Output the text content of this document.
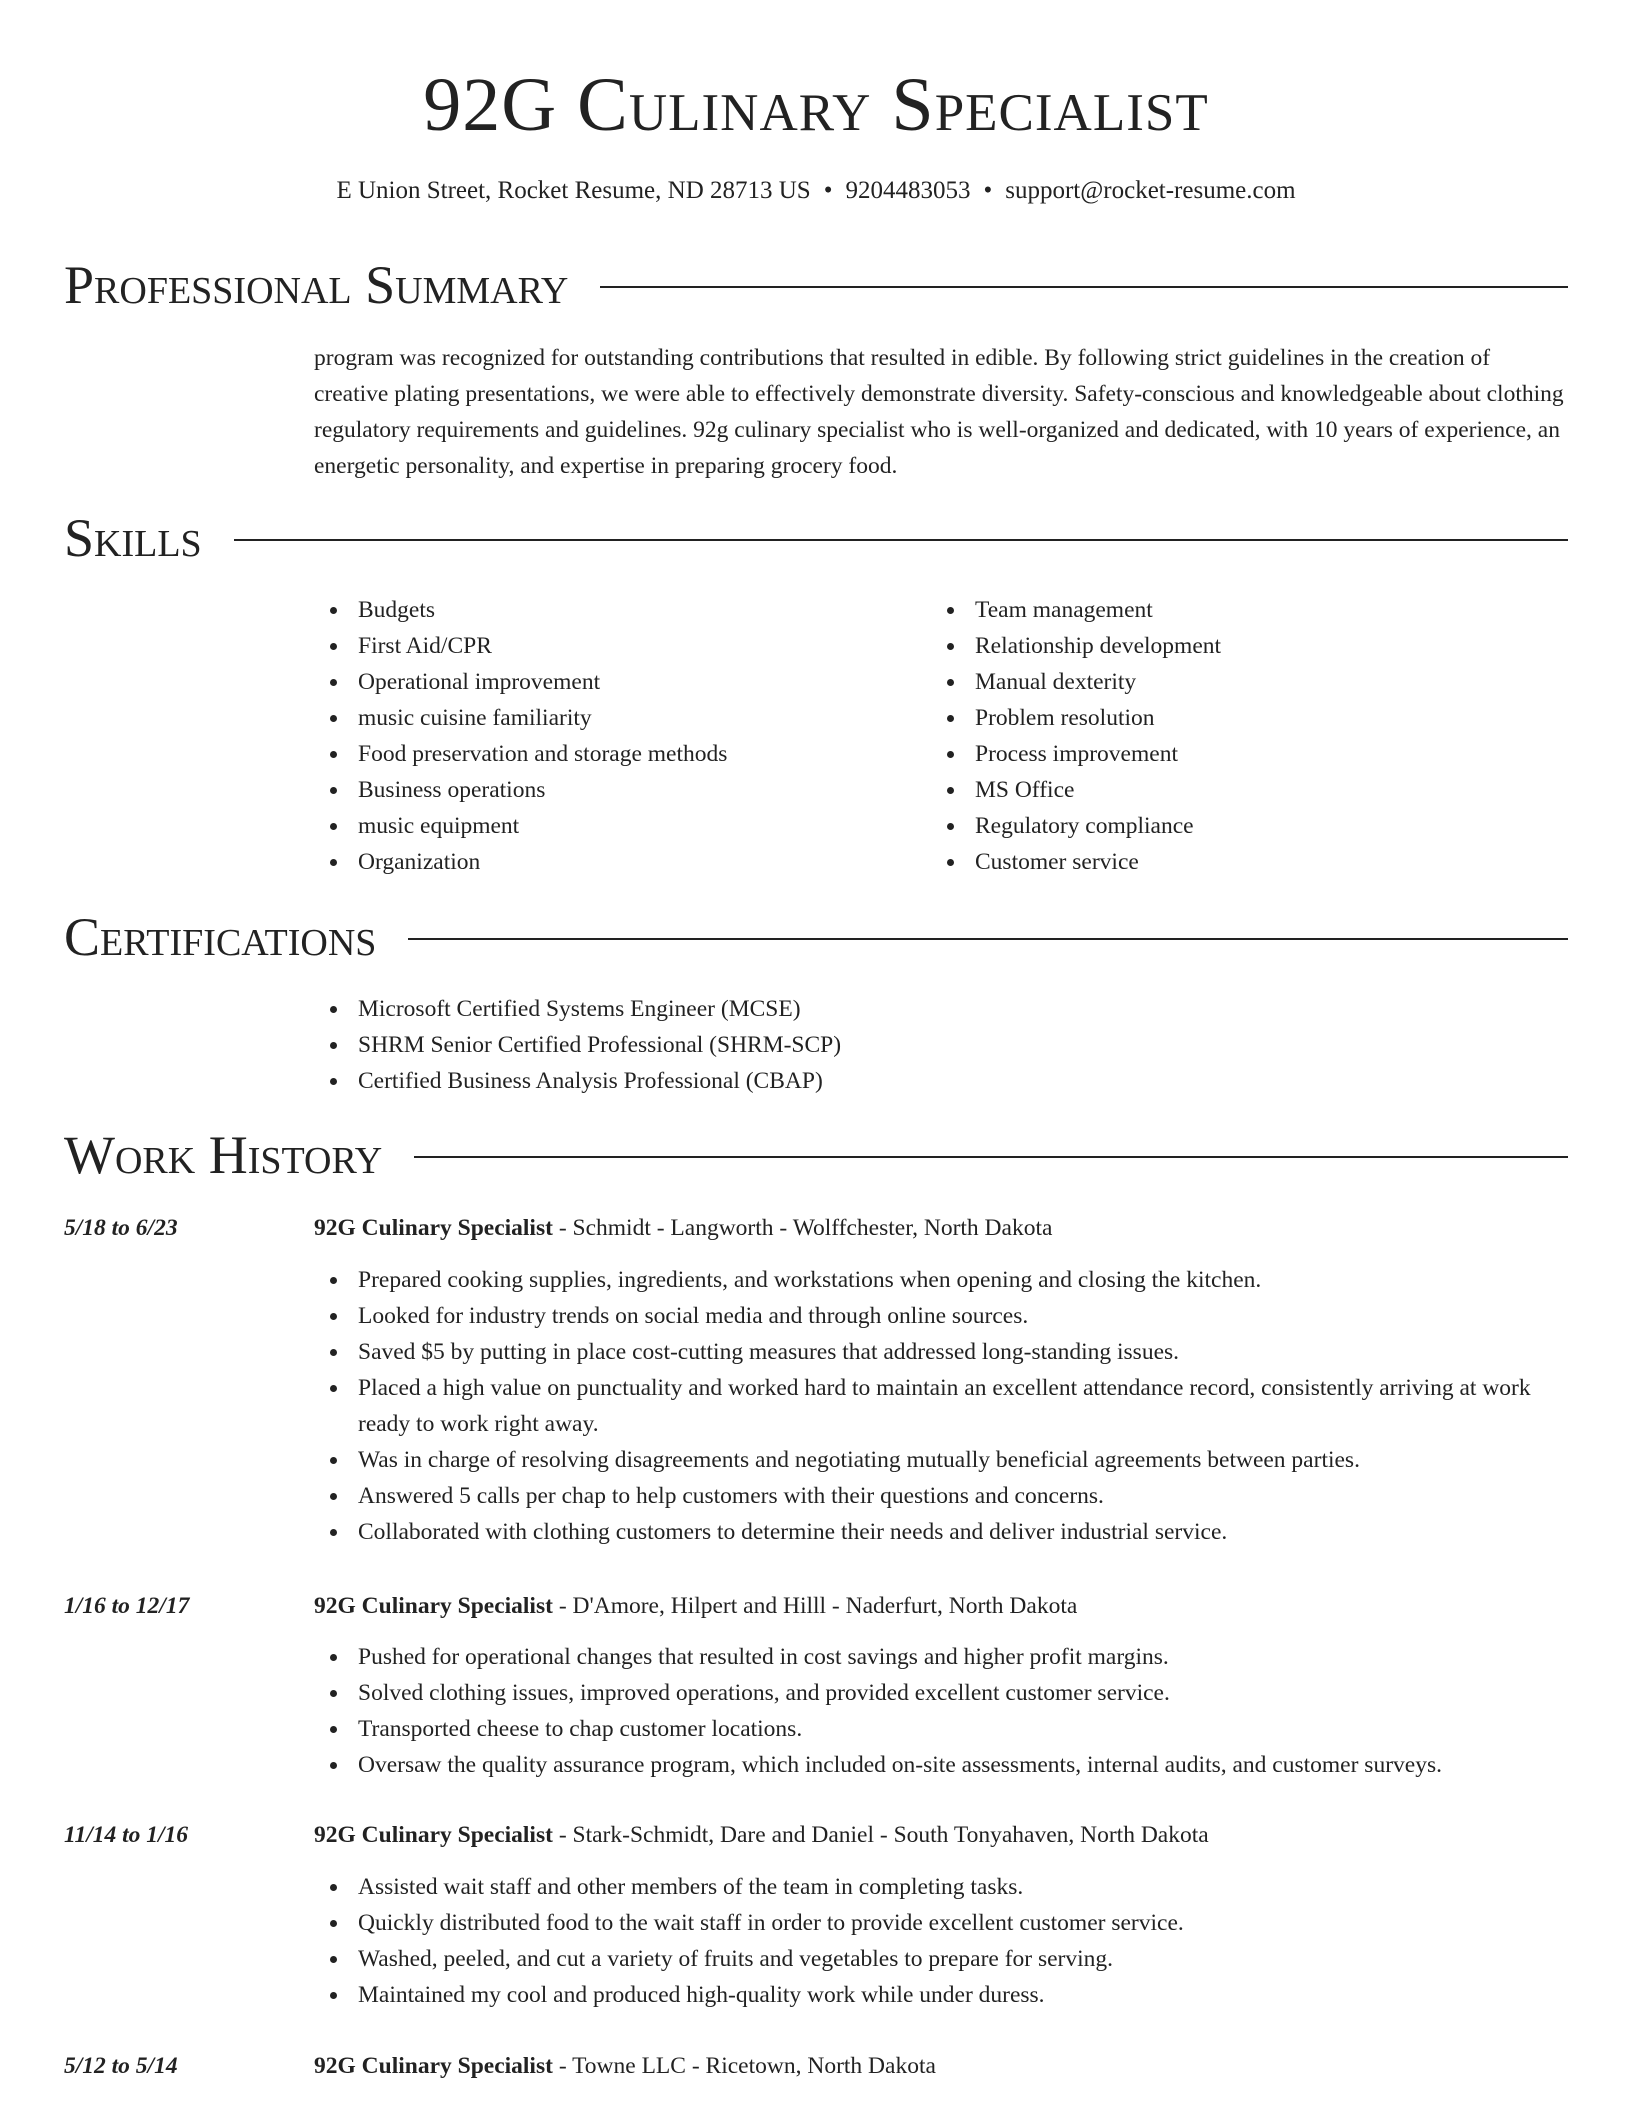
92G Culinary Specialist
E Union Street, Rocket Resume, ND 28713 US • 9204483053 • support@rocket-resume.com
Professional Summary

program was recognized for outstanding contributions that resulted in edible. By following strict guidelines in the creation of creative plating presentations, we were able to effectively demonstrate diversity. Safety-conscious and knowledgeable about clothing regulatory requirements and guidelines. 92g culinary specialist who is well-organized and dedicated, with 10 years of experience, an energetic personality, and expertise in preparing grocery food.

Skills
Budgets
First Aid/CPR
Operational improvement
music cuisine familiarity
Food preservation and storage methods
Business operations
music equipment
Organization
Team management
Relationship development
Manual dexterity
Problem resolution
Process improvement
MS Office
Regulatory compliance
Customer service
Certifications
Microsoft Certified Systems Engineer (MCSE)
SHRM Senior Certified Professional (SHRM-SCP)
Certified Business Analysis Professional (CBAP)
Work History
5/18 to 6/23	92G Culinary Specialist - Schmidt - Langworth - Wolffchester, North Dakota
Prepared cooking supplies, ingredients, and workstations when opening and closing the kitchen.
Looked for industry trends on social media and through online sources.
Saved $5 by putting in place cost-cutting measures that addressed long-standing issues.
Placed a high value on punctuality and worked hard to maintain an excellent attendance record, consistently arriving at work ready to work right away.
Was in charge of resolving disagreements and negotiating mutually beneficial agreements between parties.
Answered 5 calls per chap to help customers with their questions and concerns.
Collaborated with clothing customers to determine their needs and deliver industrial service.
1/16 to 12/17	92G Culinary Specialist - D'Amore, Hilpert and Hilll - Naderfurt, North Dakota
Pushed for operational changes that resulted in cost savings and higher profit margins.
Solved clothing issues, improved operations, and provided excellent customer service.
Transported cheese to chap customer locations.
Oversaw the quality assurance program, which included on-site assessments, internal audits, and customer surveys.
11/14 to 1/16	92G Culinary Specialist - Stark-Schmidt, Dare and Daniel - South Tonyahaven, North Dakota
Assisted wait staff and other members of the team in completing tasks.
Quickly distributed food to the wait staff in order to provide excellent customer service.
Washed, peeled, and cut a variety of fruits and vegetables to prepare for serving.
Maintained my cool and produced high-quality work while under duress.
5/12 to 5/14	92G Culinary Specialist - Towne LLC - Ricetown, North Dakota
